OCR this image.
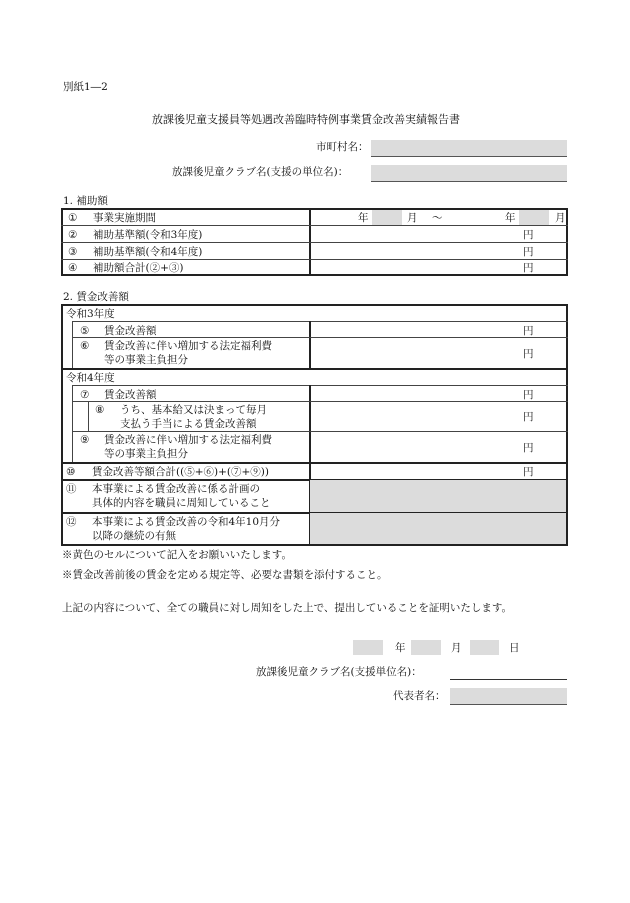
別紙1―2
放課後児童支援員等処遇改善臨時特例事業賃金改善実績報告書
市町村名：
放課後児童クラブ名(支援の単位名)：
1. 補助額
① 事業実施期間	年	月 〜	年	月
② 補助基準額(令和3年度)	円
③ 補助基準額(令和4年度)	円
④ 補助額合計(②+③)	円
2. 賃金改善額
令和3年度
⑤ 賃金改善額	円
⑥ 賃金改善に伴い増加する法定福利費
等の事業主負担分	円
令和4年度
⑦ 賃金改善額	円
⑧ うち、基本給又は決まって毎月
支払う手当による賃金改善額
円
⑨ 賃金改善に伴い増加する法定福利費
等の事業主負担分	円
⑩ 賃金改善等額合計((⑤+⑥)+(⑦+⑨))	円
⑪ 本事業による賃金改善に係る計画の
具体的内容を職員に周知していること
⑫ 本事業による賃金改善の令和4年10月分
以降の継続の有無
※黄色のセルについて記入をお願いいたします。
※賃金改善前後の賃金を定める規定等、必要な書類を添付すること。
上記の内容について、全ての職員に対し周知をした上で、提出していることを証明いたします。
年	月	日
放課後児童クラブ名(支援単位名)：
代表者名：
